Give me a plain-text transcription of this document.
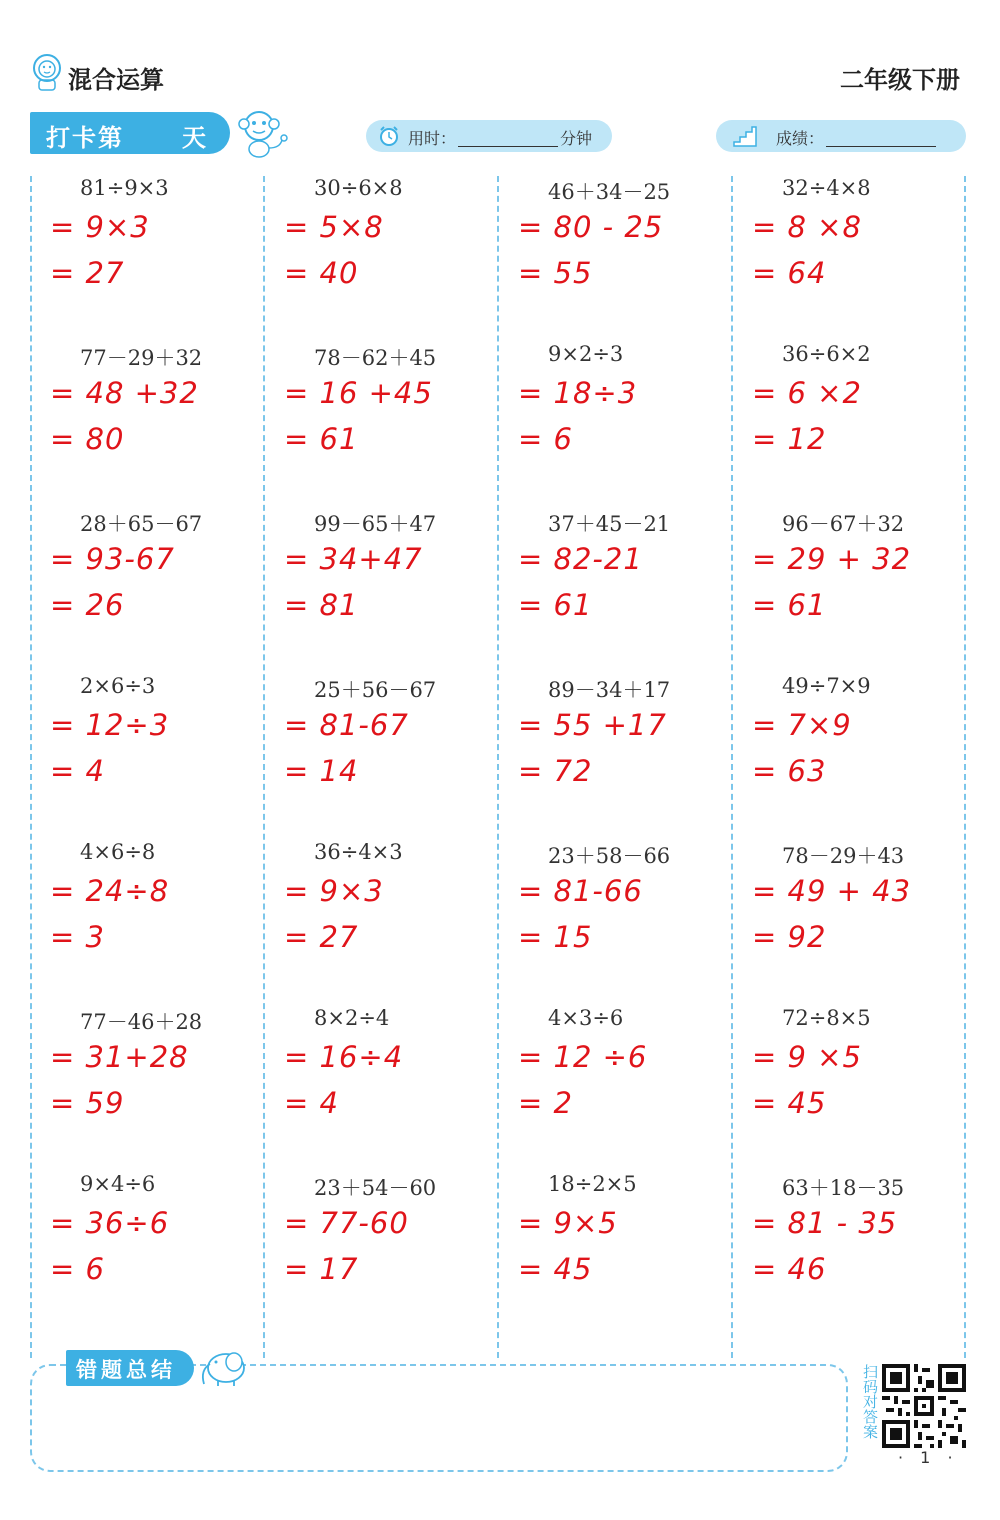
混合运算	二年级下册
打卡第 天	用时：	分钟	成绩：
81÷9×3
= 9×3
= 27
77－29＋32
= 48 +32
= 80
28＋65－67
= 93-67
= 26
2×6÷3
= 12÷3
= 4
4×6÷8
= 24÷8
= 3
77－46＋28
= 31+28
= 59
9×4÷6
= 36÷6
= 6
30÷6×8
= 5×8
= 40
78－62＋45
= 16 +45
= 61
99－65＋47
= 34+47
= 81
25＋56－67
= 81-67
= 14
36÷4×3
= 9×3
= 27
8×2÷4
= 16÷4
= 4
23＋54－60
= 77-60
= 17
46＋34－25
= 80 - 25
= 55
9×2÷3
= 18÷3
= 6
37＋45－21
= 82-21
= 61
89－34＋17
= 55 +17
= 72
23＋58－66
= 81-66
= 15
4×3÷6
= 12 ÷6
= 2
18÷2×5
= 9×5
= 45
32÷4×8
= 8 ×8
= 64
36÷6×2
= 6 ×2
= 12
96－67＋32
= 29 + 32
= 61
49÷7×9
= 7×9
= 63
78－29＋43
= 49 + 43
= 92
72÷8×5
= 9 ×5
= 45
63＋18－35
= 81 - 35
= 46
错题总结	扫码对答案
· 1 ·
